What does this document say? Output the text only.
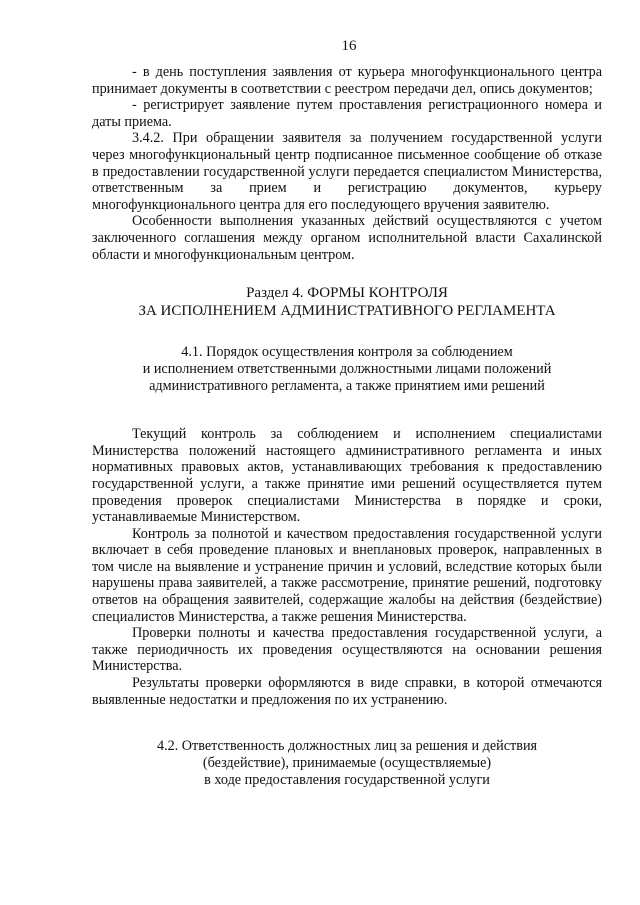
16

- в день поступления заявления от курьера многофункционального центра принимает документы в соответствии с реестром передачи дел, опись документов;

- регистрирует заявление путем проставления регистрационного номера и даты приема.

3.4.2. При обращении заявителя за получением государственной услуги через многофункциональный центр подписанное письменное сообщение об отказе в предоставлении государственной услуги передается специалистом Министерства, ответственным за прием и регистрацию документов, курьеру многофункционального центра для его последующего вручения заявителю.

Особенности выполнения указанных действий осуществляются с учетом заключенного соглашения между органом исполнительной власти Сахалинской области и многофункциональным центром.

Раздел 4. ФОРМЫ КОНТРОЛЯ
ЗА ИСПОЛНЕНИЕМ АДМИНИСТРАТИВНОГО РЕГЛАМЕНТА
4.1. Порядок осуществления контроля за соблюдением
и исполнением ответственными должностными лицами положений
административного регламента, а также принятием ими решений

Текущий контроль за соблюдением и исполнением специалистами Министерства положений настоящего административного регламента и иных нормативных правовых актов, устанавливающих требования к предоставлению государственной услуги, а также принятие ими решений осуществляется путем проведения проверок специалистами Министерства в порядке и сроки, устанавливаемые Министерством.

Контроль за полнотой и качеством предоставления государственной услуги включает в себя проведение плановых и внеплановых проверок, направленных в том числе на выявление и устранение причин и условий, вследствие которых были нарушены права заявителей, а также рассмотрение, принятие решений, подготовку ответов на обращения заявителей, содержащие жалобы на действия (бездействие) специалистов Министерства, а также решения Министерства.

Проверки полноты и качества предоставления государственной услуги, а также периодичность их проведения осуществляются на основании решения Министерства.

Результаты проверки оформляются в виде справки, в которой отмечаются выявленные недостатки и предложения по их устранению.

4.2. Ответственность должностных лиц за решения и действия
(бездействие), принимаемые (осуществляемые)
в ходе предоставления государственной услуги
